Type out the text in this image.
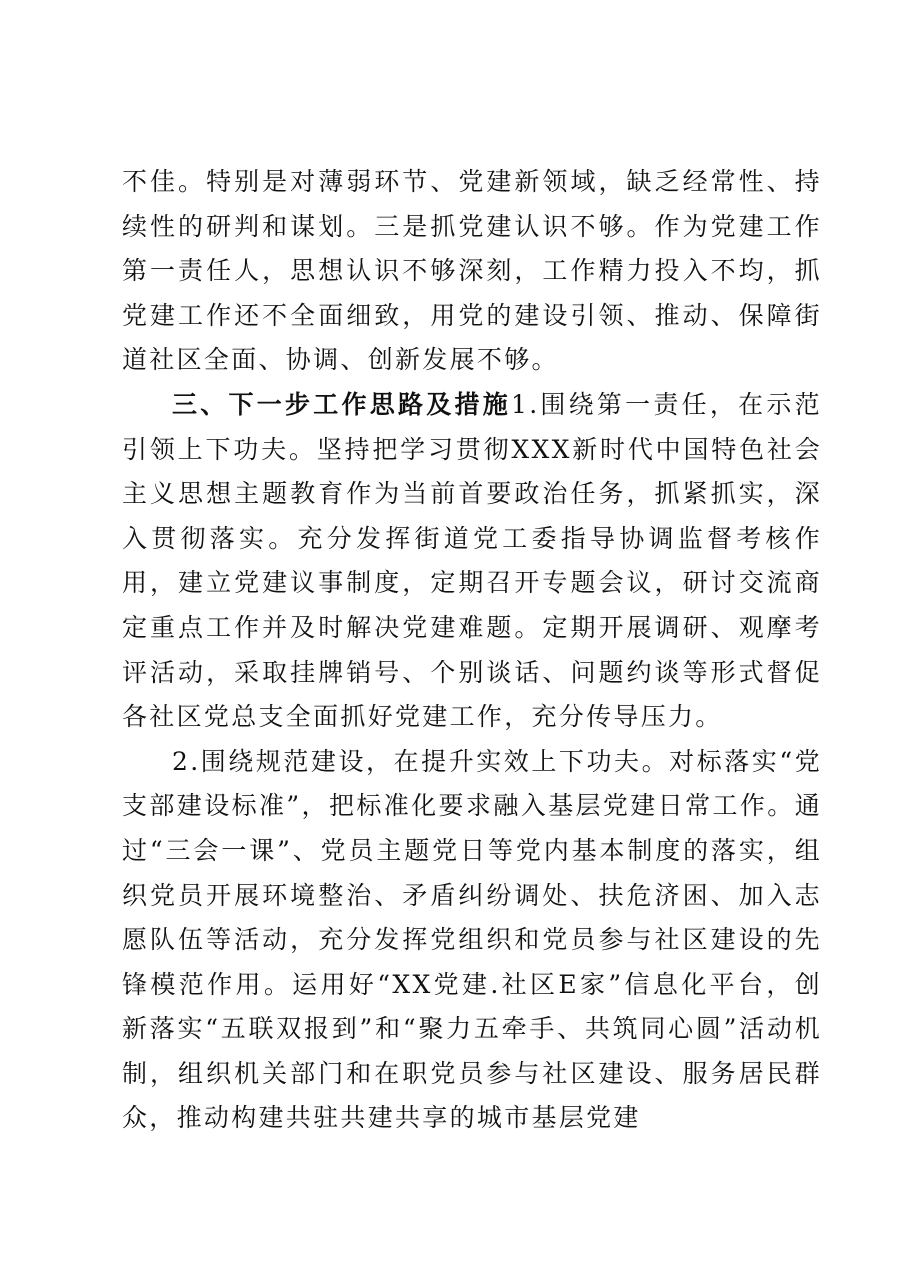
不佳。特别是对薄弱环节、党建新领域，缺乏经常性、持续性的研判和谋划。三是抓党建认识不够。作为党建工作第一责任人，思想认识不够深刻，工作精力投入不均，抓党建工作还不全面细致，用党的建设引领、推动、保障街道社区全面、协调、创新发展不够。

三、下一步工作思路及措施1.围绕第一责任，在示范引领上下功夫。坚持把学习贯彻XXX新时代中国特色社会主义思想主题教育作为当前首要政治任务，抓紧抓实，深入贯彻落实。充分发挥街道党工委指导协调监督考核作用，建立党建议事制度，定期召开专题会议，研讨交流商定重点工作并及时解决党建难题。定期开展调研、观摩考评活动，采取挂牌销号、个别谈话、问题约谈等形式督促各社区党总支全面抓好党建工作，充分传导压力。

2.围绕规范建设，在提升实效上下功夫。对标落实“党支部建设标准”，把标准化要求融入基层党建日常工作。通过“三会一课”、党员主题党日等党内基本制度的落实，组织党员开展环境整治、矛盾纠纷调处、扶危济困、加入志愿队伍等活动，充分发挥党组织和党员参与社区建设的先锋模范作用。运用好“XX党建.社区E家”信息化平台，创新落实“五联双报到”和“聚力五牵手、共筑同心圆”活动机制，组织机关部门和在职党员参与社区建设、服务居民群众，推动构建共驻共建共享的城市基层党建
